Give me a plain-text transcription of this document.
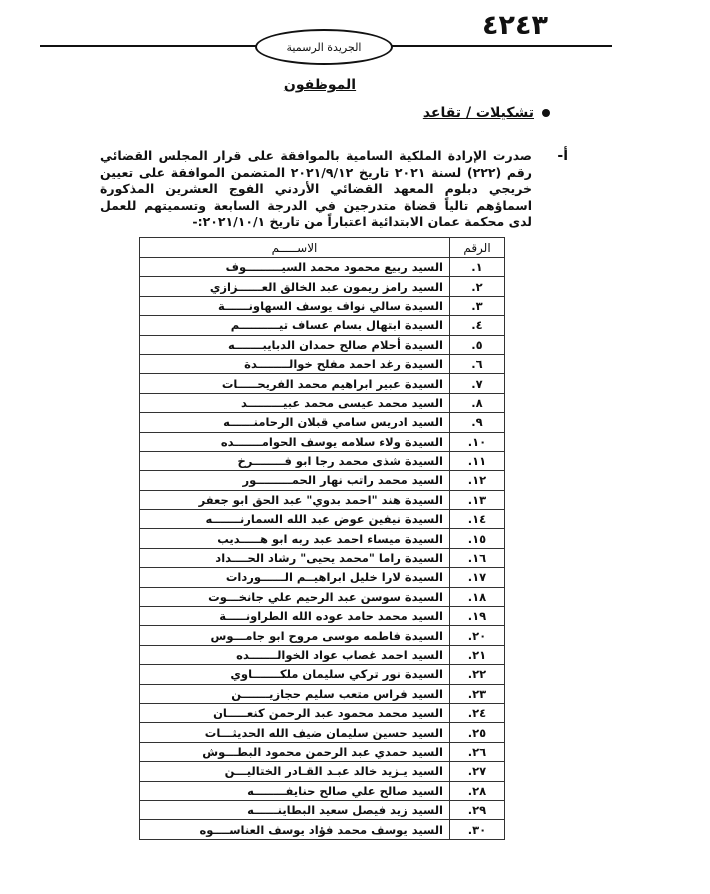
٤٢٤٣
الجريدة الرسمية
الموظفون
تشكيلات / تقاعد
أ-
صدرت الإرادة الملكية السامية بالموافقة على قرار المجلس القضائي رقم (٢٢٢) لسنة ٢٠٢١ تاريخ ٢٠٢١/٩/١٢ المتضمن الموافقة على تعيين خريجي دبلوم المعهد القضائي الأردني الفوج العشرين المذكورة اسماؤهم تالياً قضاة متدرجين في الدرجة السابعة وتسميتهم للعمل لدى محكمة عمان الابتدائية اعتباراً من تاريخ ٢٠٢١/١٠/١:-
الرقم	الاســـــم
١.	السيد ربيع محمود محمد السيـــــــــوف
٢.	السيد رامز ريمون عبد الخالق العــــــزازي
٣.	السيدة سالي نواف يوسف السهاونــــــة
٤.	السيدة ابتهال بسام عساف تيــــــــــم
٥.	السيدة أحلام صالح حمدان الدبايبـــــــه
٦.	السيدة رغد احمد مفلح خوالــــــــدة
٧.	السيدة عبير ابراهيم محمد الفريحـــــات
٨.	السيد محمد عيسى محمد عبيـــــــــد
٩.	السيد ادريس سامي قبلان الرحامنــــــه
١٠.	السيدة ولاء سلامه يوسف الحوامـــــــده
١١.	السيدة شذى محمد رجا ابو فــــــــرخ
١٢.	السيد محمد راتب نهار الحمـــــــــور
١٣.	السيدة هند "احمد بدوي" عبد الحق ابو جعفر
١٤.	السيدة نيفين عوض عبد الله السمارنـــــــه
١٥.	السيدة ميساء احمد عبد ربه ابو هـــــديب
١٦.	السيدة راما "محمد يحيى" رشاد الحــــداد
١٧.	السيدة لارا خليل ابراهيــم الــــــوردات
١٨.	السيدة سوسن عبد الرحيم علي جانخـــوت
١٩.	السيد محمد حامد عوده الله الطراونـــــة
٢٠.	السيدة فاطمه موسى مروح ابو جامـــوس
٢١.	السيد احمد غصاب عواد الخوالـــــــده
٢٢.	السيدة نور تركي سليمان ملكـــــــاوي
٢٣.	السيد فراس متعب سليم حجازيـــــــن
٢٤.	السيد محمد محمود عبد الرحمن كنعـــــان
٢٥.	السيد حسين سليمان ضيف الله الحديثـــات
٢٦.	السيد حمدي عبد الرحمن محمود البطـــوش
٢٧.	السيد يـزيد خالد عبـد القـادر الختاليـــن
٢٨.	السيد صالح علي صالح حنايفــــــــه
٢٩.	السيد زيد فيصل سعيد البطاينــــــه
٣٠.	السيد يوسف محمد فؤاد يوسف العناســــوه
